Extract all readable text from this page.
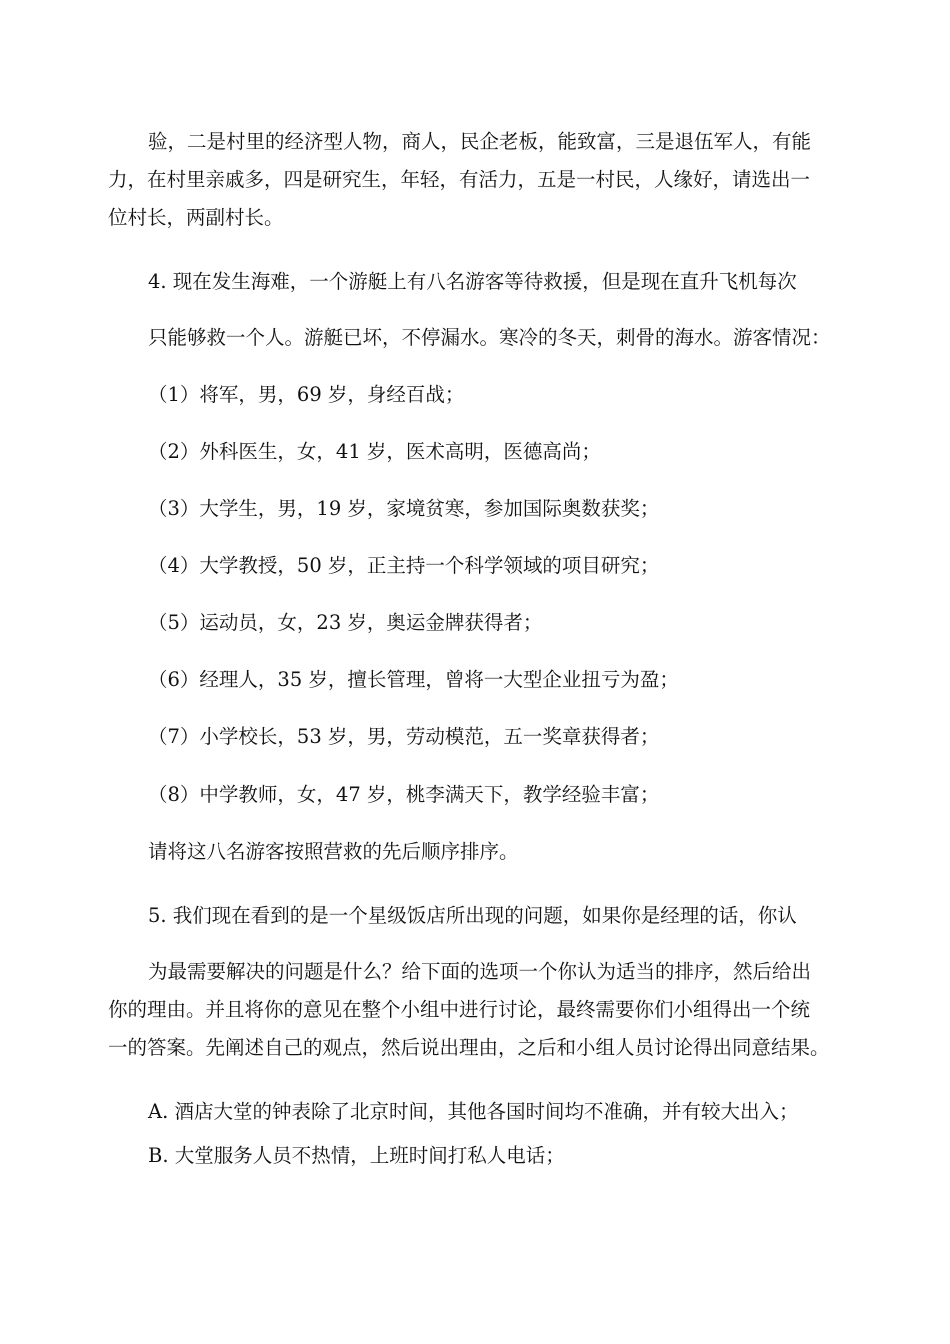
验，二是村里的经济型人物，商人，民企老板，能致富，三是退伍军人，有能
力，在村里亲戚多，四是研究生，年轻，有活力，五是一村民，人缘好，请选出一
位村长，两副村长。
4. 现在发生海难，一个游艇上有八名游客等待救援，但是现在直升飞机每次
只能够救一个人。游艇已坏，不停漏水。寒冷的冬天，刺骨的海水。游客情况：
（1）将军，男，69 岁，身经百战；
（2）外科医生，女，41 岁，医术高明，医德高尚；
（3）大学生，男，19 岁，家境贫寒，参加国际奥数获奖；
（4）大学教授，50 岁，正主持一个科学领域的项目研究；
（5）运动员，女，23 岁，奥运金牌获得者；
（6）经理人，35 岁，擅长管理，曾将一大型企业扭亏为盈；
（7）小学校长，53 岁，男，劳动模范，五一奖章获得者；
（8）中学教师，女，47 岁，桃李满天下，教学经验丰富；
请将这八名游客按照营救的先后顺序排序。
5. 我们现在看到的是一个星级饭店所出现的问题，如果你是经理的话，你认
为最需要解决的问题是什么？给下面的选项一个你认为适当的排序，然后给出
你的理由。并且将你的意见在整个小组中进行讨论，最终需要你们小组得出一个统
一的答案。先阐述自己的观点，然后说出理由，之后和小组人员讨论得出同意结果。
A. 酒店大堂的钟表除了北京时间，其他各国时间均不准确，并有较大出入；
B. 大堂服务人员不热情，上班时间打私人电话；
